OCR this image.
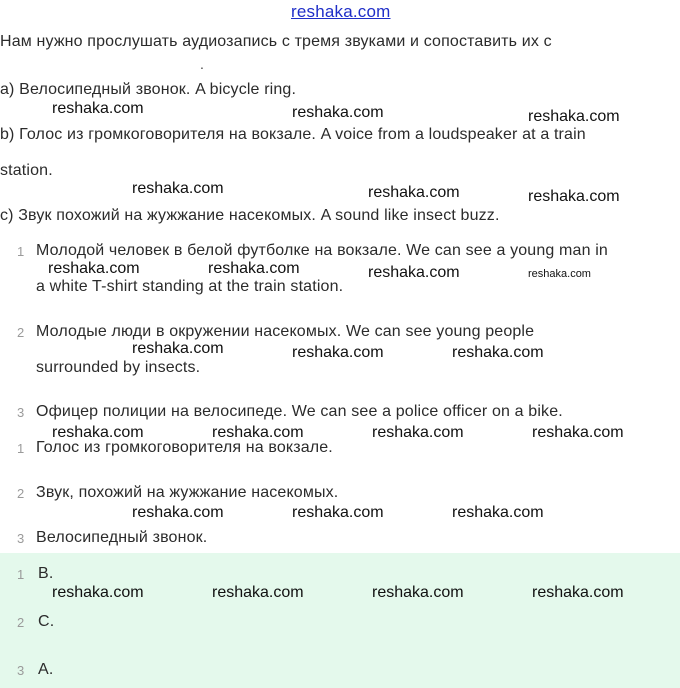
reshaka.com
Нам нужно прослушать аудиозапись с тремя звуками и сопоставить их с
.
a) Велосипедный звонок. A bicycle ring.
b) Голос из громкоговорителя на вокзале. A voice from a loudspeaker at a train
station.
c) Звук похожий на жужжание насекомых. A sound like insect buzz.
1 Молодой человек в белой футболке на вокзале. We can see a young man in
a white T-shirt standing at the train station.
2 Молодые люди в окружении насекомых. We can see young people
surrounded by insects.
3 Офицер полиции на велосипеде. We can see a police officer on a bike.
1 Голос из громкоговорителя на вокзале.
2 Звук, похожий на жужжание насекомых.
3 Велосипедный звонок.
1 B.
2 C.
3 A.
reshaka.com	reshaka.com	reshaka.com
reshaka.com	reshaka.com	reshaka.com
reshaka.com	reshaka.com	reshaka.com	reshaka.com
reshaka.com	reshaka.com	reshaka.com
reshaka.com	reshaka.com	reshaka.com	reshaka.com
reshaka.com	reshaka.com	reshaka.com
reshaka.com	reshaka.com	reshaka.com	reshaka.com
